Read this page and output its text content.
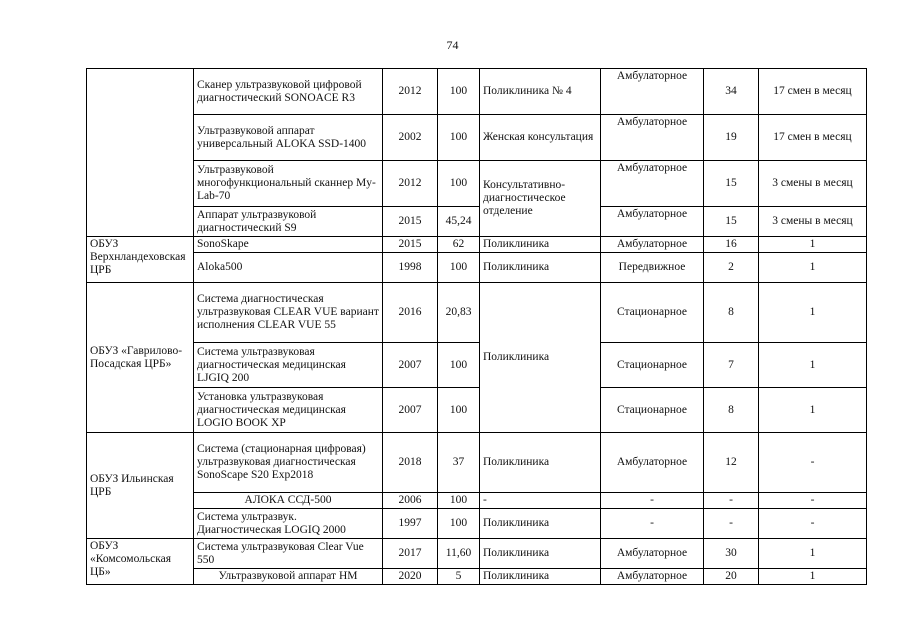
74
	Сканер ультразвуковой цифровой диагностический SONOACE R3	2012	100	Поликлиника № 4	Амбулаторное	34	17 смен в месяц
	Ультразвуковой аппарат универсальный ALOKA SSD-1400	2002	100	Женская консультация	Амбулаторное	19	17 смен в месяц
	Ультразвуковой многофункциональный сканнер My-Lab-70	2012	100	Консультативно-диагностическое отделение	Амбулаторное	15	3 смены в месяц
	Аппарат ультразвуковой диагностический S9	2015	45,24		Амбулаторное	15	3 смены в месяц
ОБУЗ Верхнландеховская ЦРБ	SonoSkape	2015	62	Поликлиника	Амбулаторное	16	1
	Aloka500	1998	100	Поликлиника	Передвижное	2	1
ОБУЗ «Гаврилово-Посадская ЦРБ»	Система диагностическая ультразвуковая CLEAR VUE вариант исполнения CLEAR VUE 55	2016	20,83	Поликлиника	Стационарное	8	1
	Система ультразвуковая диагностическая медицинская LJGIQ 200	2007	100		Стационарное	7	1
	Установка ультразвуковая диагностическая медицинская LOGIO BOOK XP	2007	100		Стационарное	8	1
ОБУЗ Ильинская ЦРБ	Система (стационарная цифровая) ультразвуковая диагностическая SonoScape S20 Exp2018	2018	37	Поликлиника	Амбулаторное	12	-
	АЛОКА ССД-500	2006	100	-	-	-	-
	Система ультразвук. Диагностическая LOGIQ 2000	1997	100	Поликлиника	-	-	-
ОБУЗ «Комсомольская ЦБ»	Система ультразвуковая Clear Vue 550	2017	11,60	Поликлиника	Амбулаторное	30	1
	Ультразвуковой аппарат НМ	2020	5	Поликлиника	Амбулаторное	20	1
